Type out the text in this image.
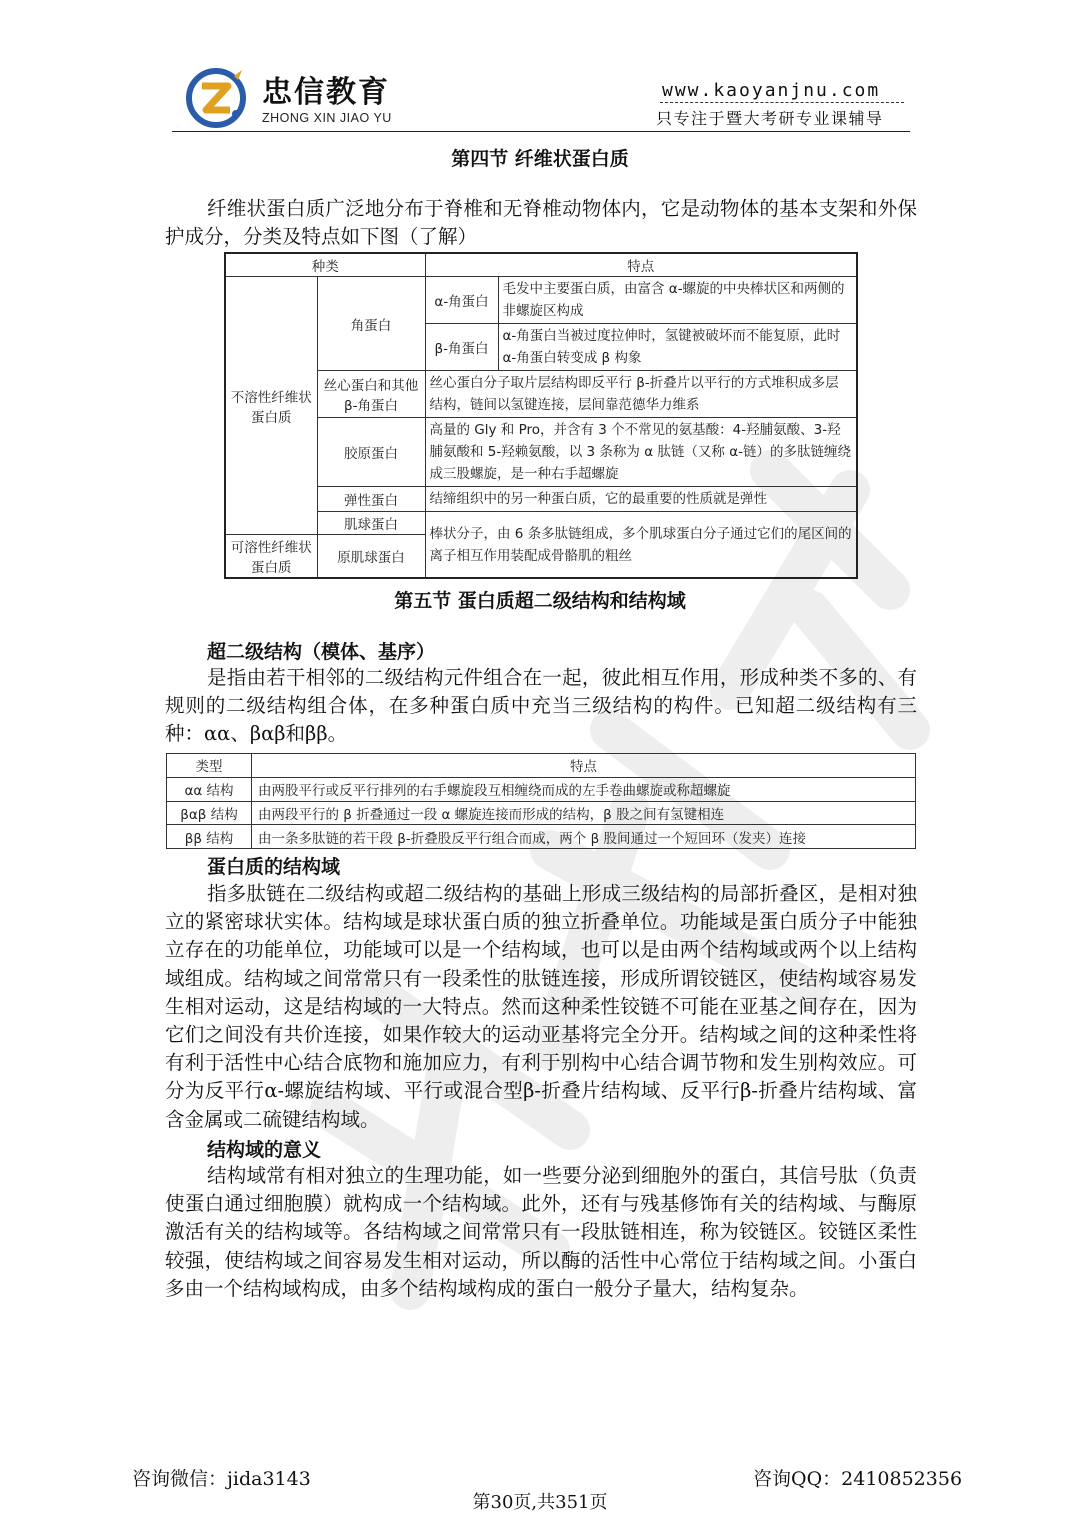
忠信教育
ZHONG XIN JIAO YU
www.kaoyanjnu.com
只专注于暨大考研专业课辅导
第四节 纤维状蛋白质
纤维状蛋白质广泛地分布于脊椎和无脊椎动物体内，它是动物体的基本支架和外保护成分，分类及特点如下图（了解）
种类		特点	
不溶性纤维状蛋白质	角蛋白	α-角蛋白	毛发中主要蛋白质，由富含 α-螺旋的中央棒状区和两侧的非螺旋区构成
		β-角蛋白	α-角蛋白当被过度拉伸时，氢键被破坏而不能复原，此时 α-角蛋白转变成 β 构象
	丝心蛋白和其他 β-角蛋白	丝心蛋白分子取片层结构即反平行 β-折叠片以平行的方式堆积成多层结构，链间以氢键连接，层间靠范德华力维系	
	胶原蛋白	高量的 Gly 和 Pro，并含有 3 个不常见的氨基酸：4-羟脯氨酸、3-羟脯氨酸和 5-羟赖氨酸，以 3 条称为 α 肽链（又称 α-链）的多肽链缠绕成三股螺旋，是一种右手超螺旋	
	弹性蛋白	结缔组织中的另一种蛋白质，它的最重要的性质就是弹性	
	肌球蛋白	棒状分子，由 6 条多肽链组成，多个肌球蛋白分子通过它们的尾区间的离子相互作用装配成骨骼肌的粗丝	
可溶性纤维状蛋白质	原肌球蛋白		
第五节 蛋白质超二级结构和结构域
超二级结构（模体、基序）
是指由若干相邻的二级结构元件组合在一起，彼此相互作用，形成种类不多的、有规则的二级结构组合体，在多种蛋白质中充当三级结构的构件。已知超二级结构有三种：αα、βαβ和ββ。
类型	特点
αα 结构	由两股平行或反平行排列的右手螺旋段互相缠绕而成的左手卷曲螺旋或称超螺旋
βαβ 结构	由两段平行的 β 折叠通过一段 α 螺旋连接而形成的结构，β 股之间有氢键相连
ββ 结构	由一条多肽链的若干段 β-折叠股反平行组合而成，两个 β 股间通过一个短回环（发夹）连接
蛋白质的结构域
指多肽链在二级结构或超二级结构的基础上形成三级结构的局部折叠区，是相对独立的紧密球状实体。结构域是球状蛋白质的独立折叠单位。功能域是蛋白质分子中能独立存在的功能单位，功能域可以是一个结构域，也可以是由两个结构域或两个以上结构域组成。结构域之间常常只有一段柔性的肽链连接，形成所谓铰链区，使结构域容易发生相对运动，这是结构域的一大特点。然而这种柔性铰链不可能在亚基之间存在，因为它们之间没有共价连接，如果作较大的运动亚基将完全分开。结构域之间的这种柔性将有利于活性中心结合底物和施加应力，有利于别构中心结合调节物和发生别构效应。可分为反平行α-螺旋结构域、平行或混合型β-折叠片结构域、反平行β-折叠片结构域、富含金属或二硫键结构域。
结构域的意义
结构域常有相对独立的生理功能，如一些要分泌到细胞外的蛋白，其信号肽（负责使蛋白通过细胞膜）就构成一个结构域。此外，还有与残基修饰有关的结构域、与酶原激活有关的结构域等。各结构域之间常常只有一段肽链相连，称为铰链区。铰链区柔性较强，使结构域之间容易发生相对运动，所以酶的活性中心常位于结构域之间。小蛋白多由一个结构域构成，由多个结构域构成的蛋白一般分子量大，结构复杂。
咨询微信：jida3143	咨询QQ：2410852356
第30页,共351页
